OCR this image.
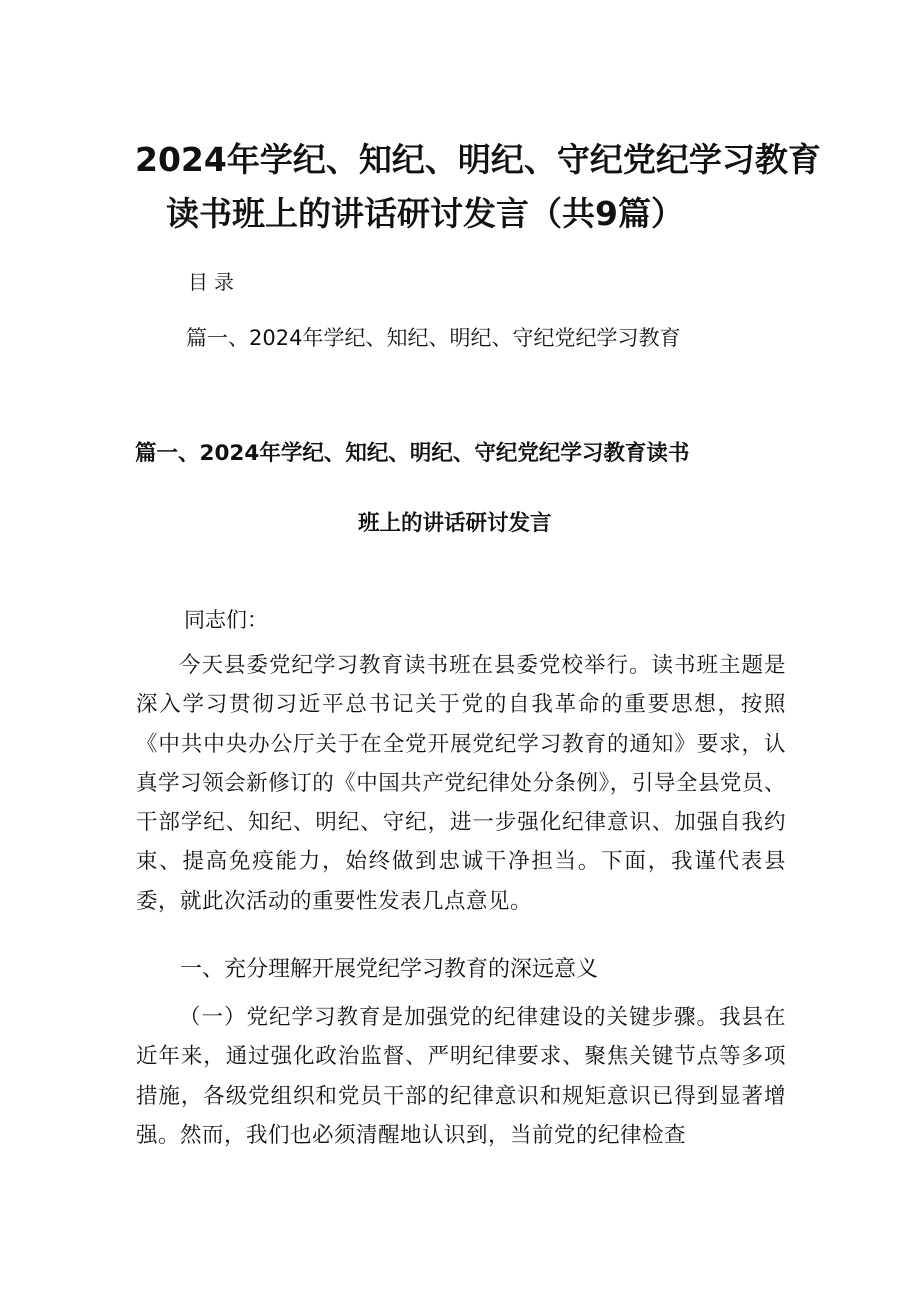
2024年学纪、知纪、明纪、守纪党纪学习教育
读书班上的讲话研讨发言（共9篇）
目录
篇一、2024年学纪、知纪、明纪、守纪党纪学习教育
篇一、2024年学纪、知纪、明纪、守纪党纪学习教育读书
班上的讲话研讨发言
同志们：
今天县委党纪学习教育读书班在县委党校举行。读书班主题是深入学习贯彻习近平总书记关于党的自我革命的重要思想，按照《中共中央办公厅关于在全党开展党纪学习教育的通知》要求，认真学习领会新修订的《中国共产党纪律处分条例》，引导全县党员、干部学纪、知纪、明纪、守纪，进一步强化纪律意识、加强自我约束、提高免疫能力，始终做到忠诚干净担当。下面，我谨代表县委，就此次活动的重要性发表几点意见。
一、充分理解开展党纪学习教育的深远意义
（一）党纪学习教育是加强党的纪律建设的关键步骤。我县在近年来，通过强化政治监督、严明纪律要求、聚焦关键节点等多项措施，各级党组织和党员干部的纪律意识和规矩意识已得到显著增强。然而，我们也必须清醒地认识到，当前党的纪律检查
